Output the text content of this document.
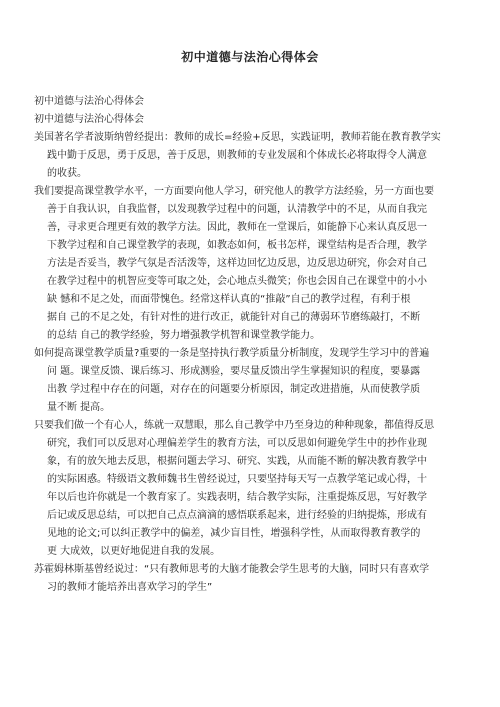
初中道德与法治心得体会

初中道德与法治心得体会

初中道德与法治心得体会

美国著名学者波斯纳曾经提出：教师的成长=经验+反思，实践证明，教师若能在教育教学实

践中勤于反思，勇于反思，善于反思，则教师的专业发展和个体成长必将取得令人满意

的收获。

我们要提高课堂教学水平，一方面要向他人学习，研究他人的教学方法经验，另一方面也要

善于自我认识，自我监督，以发现教学过程中的问题，认清教学中的不足，从而自我完

善，寻求更合理更有效的教学方法。因此，教师在一堂课后，如能静下心来认真反思一

下教学过程和自己课堂教学的表现，如教态如何，板书怎样，课堂结构是否合理，教学

方法是否妥当，教学气氛是否活泼等，这样边回忆边反思，边反思边研究，你会对自己

在教学过程中的机智应变等可取之处，会心地点头微笑；你也会因自己在课堂中的小小

缺 憾和不足之处，而面带愧色。经常这样认真的“推敲”自己的教学过程，有利于根

据自 己的不足之处，有针对性的进行改正，就能针对自己的薄弱环节磨练敲打，不断

的总结 自己的教学经验，努力增强教学机智和课堂教学能力。

如何提高课堂教学质量?重要的一条是坚持执行教学质量分析制度，发现学生学习中的普遍

问 题。课堂反馈、课后练习、形成测验，要尽量反馈出学生掌握知识的程度，要暴露

出教 学过程中存在的问题，对存在的问题要分析原因，制定改进措施，从而使教学质

量不断 提高。

只要我们做一个有心人，练就一双慧眼，那么自己教学中乃至身边的种种现象，都值得反思

研究，我们可以反思对心理偏差学生的教育方法，可以反思如何避免学生中的抄作业现

象，有的放矢地去反思，根据问题去学习、研究、实践，从而能不断的解决教育教学中

的实际困惑。特级语文教师魏书生曾经说过，只要坚持每天写一点教学笔记或心得，十

年以后也许你就是一个教育家了。实践表明，结合教学实际，注重提炼反思，写好教学

后记或反思总结，可以把自己点点滴滴的感悟联系起来，进行经验的归纳提炼，形成有

见地的论文;可以纠正教学中的偏差，减少盲目性，增强科学性，从而取得教育教学的

更 大成效，以更好地促进自我的发展。

苏霍姆林斯基曾经说过：“只有教师思考的大脑才能教会学生思考的大脑，同时只有喜欢学

习的教师才能培养出喜欢学习的学生”
